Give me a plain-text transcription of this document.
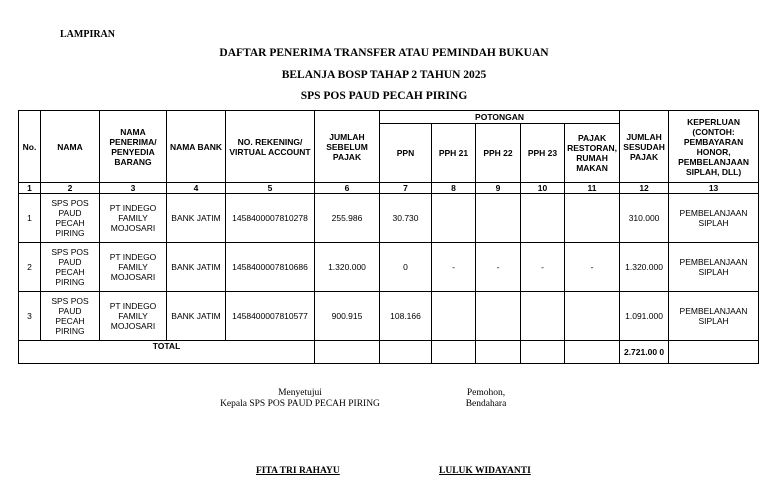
LAMPIRAN
DAFTAR PENERIMA TRANSFER ATAU PEMINDAH BUKUAN
BELANJA BOSP TAHAP 2 TAHUN 2025
SPS POS PAUD PECAH PIRING
No.	NAMA	NAMA PENERIMA/ PENYEDIA BARANG	NAMA BANK	NO. REKENING/ VIRTUAL ACCOUNT	JUMLAH SEBELUM PAJAK	POTONGAN					JUMLAH SESUDAH PAJAK	KEPERLUAN (CONTOH: PEMBAYARAN HONOR, PEMBELANJAAN SIPLAH, DLL)
						PPN	PPH 21	PPH 22	PPH 23	PAJAK RESTORAN, RUMAH MAKAN		
1	2	3	4	5	6	7	8	9	10	11	12	13
1	SPS POS PAUD PECAH PIRING	PT INDEGO FAMILY MOJOSARI	BANK JATIM	1458400007810278	255.986	30.730					310.000	PEMBELANJAAN SIPLAH
2	SPS POS PAUD PECAH PIRING	PT INDEGO FAMILY MOJOSARI	BANK JATIM	1458400007810686	1.320.000	0	-	-	-	-	1.320.000	PEMBELANJAAN SIPLAH
3	SPS POS PAUD PECAH PIRING	PT INDEGO FAMILY MOJOSARI	BANK JATIM	1458400007810577	900.915	108.166					1.091.000	PEMBELANJAAN SIPLAH
TOTAL											2.721.00 0	
Menyetujui
Kepala SPS POS PAUD PECAH PIRING
Pemohon,
Bendahara
FITA TRI RAHAYU	LULUK WIDAYANTI
